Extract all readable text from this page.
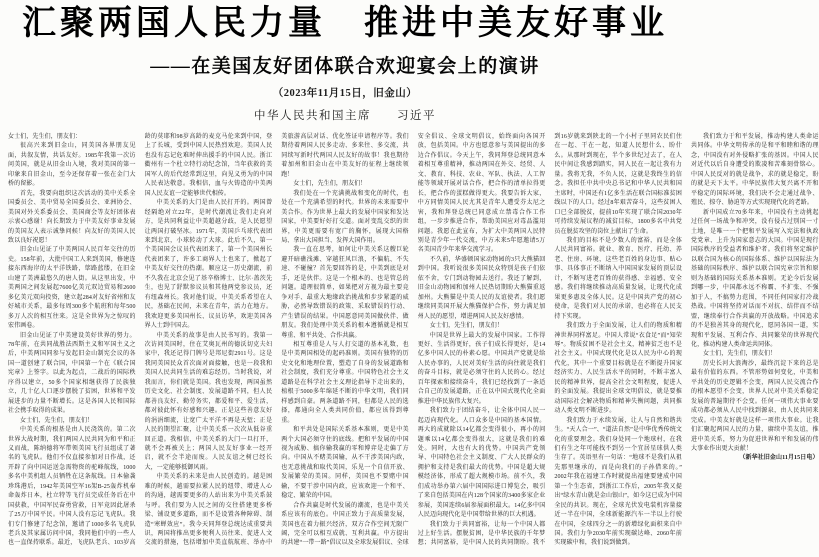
汇聚两国人民力量　推进中美友好事业
——在美国友好团体联合欢迎宴会上的演讲
（2023年11月15日，旧金山）
中华人民共和国主席　　习近平

女士们，先生们，朋友们：

很高兴来到旧金山，同美国各界朋友见面，共叙友情，共话友好。1985年我第一次访问美国，就是从旧金山入境，我对美国的第一印象来自旧金山，至今还保存着一张在金门大桥的留影。

首先，我要向组织这次活动的美中关系全国委员会、美中贸易全国委员会、亚洲协会、美国对外关系委员会、美国商会等友好团体表示衷心感谢！向长期致力于中美友好事业发展的美国友人表示诚挚问候！向友好的美国人民致以良好祝愿！

旧金山见证了中美两国人民百年交往的历史。158年前，大批中国工人来到美国，修建连接东西海岸的太平洋铁路，筚路蓝缕，在旧金山建了美洲最悠久的唐人街。从这里出发，中美两国之间发展起7600亿美元双边贸易和2600多亿美元双向投资，建立起284对友好省州和友好城市关系，最多每周300多个航班和每年500多万人次的相互往来。这是全世界为之惊叹的宏伟画卷。

旧金山见证了中美建设美好世界的努力。78年前，在共同战胜法西斯主义和军国主义之后，中美两国同参与发起旧金山制宪会议的各国一道创建了联合国，中国第一个在《联合国宪章》上签字。以此为起点，二战后的国际秩序得以建立，50多个国家相继获得了民族独立，几十亿人口逐步摆脱了贫困，世界和平发展进步的力量不断增长。这是各国人民和国际社会携手取得的成果。

女士们，先生们，朋友们！

中美关系的根基是由人民浇筑的。第二次世界大战时期，我们两国人民共同为和平和正义而战，陈纳德将军带领美国飞行员组成了著名的飞虎队。他们不仅直接参加对日作战，还开辟了向中国运送急需物资的驼峰航线，1000多名中美机组人员牺牲在这条航线。日本偷袭珍珠港后，1942年美国空军16架B-25轰炸机奉命轰炸日本，杜立特等飞行员完成任务后在中国获救，中国军民奋勇营救，日军竟因此屠杀了25万中国平民。中国人没有忘记飞虎队。我们专门修建了纪念馆，邀请了1000多名飞虎队老兵及其家属访问中国，我同他们中的一些人也一直保持联系。最近，飞虎队老兵、103岁高龄的莫耶和98岁高龄的麦克马伦来到中国，登上了长城，受到中国人民热烈欢迎。美国人民也没有忘记危难时伸出援手的中国人民。浙江衢州有一个杜立特行动纪念馆，当年获救的美国军人的后代经常到这里，向见义勇为的中国人民表达敬意。我相信，血与火铸造的中美两国人民友谊一定能够世代相传。

中美关系的大门是由人民打开的。两国曾经隔绝对立22年，是时代潮流让我们走向对方，是共同利益让中美超越分歧，是人民愿望让两国打破坚冰。1971年，美国乒乓球代表团来到北京，小球转动了大球。此后不久，第一个美国国会议员代表团来了，第一个美国州长代表团来了，许多工商界人士也来了，掀起了中美友好交往的热潮。顺应这一历史潮流，前不久我在北京会见了基辛格博士、比尔·盖茨先生，也见了舒默参议员和其他两党参议员，还有纽森州长。我对他们说，中美关系希望在人民，基础在民间，未来在青年，活力在地方。我欢迎更多美国州长、议员访华，欢迎美国各界人士到中国去。

中美关系的故事是由人民书写的。我第一次访问美国时，住在艾奥瓦州的德沃切克夫妇家中，我还记得门牌号是邦尼街2911号。这是我同美国民众首次面对面接触，也是一段我和美国人民共同生活的难忘经历。当时我说，对我而言，你们就是美国。我也发现，两国虽然历史文化、社会制度、发展道路不同，但人民都善良友好、勤劳务实，都爱和平、爱生活，都对彼此怀有好感和兴趣。正是这些善意友好的涓涓细流，让宽广太平洋不再是天堑；正是人民的期望汇聚，让中美关系一次次从低谷重回正道。我相信，中美关系的大门一旦打开，就不会再被关上；两国人民友好事业一经开启，就不会半途而废。人民友谊之树已经长大，一定能够抵御风雨。

中美关系的未来是由人民创造的。越是困难的时候，越需要拉紧人民的纽带、增进人心的沟通，越需要更多的人站出来为中美关系鼓与呼。我们要为人民之间的交往搭建更多桥梁、铺设更多道路，而不是设置各种障碍、制造“寒蝉效应”。我今天同拜登总统达成重要共识，两国将推出更多便利人员往来、促进人文交流的措施，包括增加中美直航航班、举办中美旅游高层对话、优化签证申请程序等。我们期待着两国人民多走动、多来往、多交流，共同续写新时代两国人民友好的故事！我也期待着加州和旧金山在中美友好的征程上继续领跑！

女士们，先生们，朋友们！

我们处在一个充满挑战和变化的时代，也处在一个充满希望的时代。世界的未来需要中美合作。作为世界上最大的发展中国家和发达国家，中美要好好打交道。面对变乱交织的世界，中美更需要有宽广的胸怀，展现大国格局、拿出大国担当、发挥大国作用。

我一直在思考，如何让中美关系这艘巨轮避开暗礁浅滩、穿越狂风巨浪，不偏航、不失速、不碰撞？首先要回答的是，中美到底是对手，还是伙伴。这是一个根本的、也是管总的问题。道理很简单，如果把对方视为最主要竞争对手、最重大地缘政治挑战和步步紧逼的威胁，必然导致错误的政策、采取错误的行动、产生错误的结果。中国愿意同美国做伙伴、做朋友。我们处理中美关系的根本遵循就是相互尊重、和平共处、合作共赢。

相互尊重是人与人打交道的基本礼数，也是中美两国相处的起码准则。美国有独特的历史文化和地理位置，塑造了自身的发展道路和社会制度，我们充分尊重。中国特色社会主义道路是在科学社会主义理论指导下走出来的，植根于5000多年绵延不断的中华文明，我们同样感到自豪。两条道路不同，但都是人民的选择，都通向全人类共同价值，都应该得到尊重。

和平共处是国际关系基本准则，更是中美两个大国必须守住的底线。把和平发展的中国视为威胁、搞你输我赢的零和博弈是走偏了方向。中国从不赌美国输，从不干涉美国内政，也无意挑战和取代美国，乐见一个自信开放、发展繁荣的美国。同样，美国也不要赌中国输，不要干涉中国内政，应该欢迎一个和平、稳定、繁荣的中国。

合作共赢是时代发展的潮流，也是中美关系应该有的底色。中国正致力于高质量发展，美国也在着力振兴经济，双方合作空间无限广阔，完全可以相互成就、互利共赢。中方提出的共建“一带一路”倡议以及全球发展倡议、全球安全倡议、全球文明倡议，始终面向各国开放，包括美国。中方也愿意参与美国提出的多边合作倡议。今天上午，我同拜登总统同意本着相互尊重精神，推动两国在外交、经贸、人文、教育、科技、农业、军队、执法、人工智能等领域开展对话合作，把合作的清单拉得更长，把合作的蛋糕做得更大。我要告诉大家，中方同情美国人民尤其是青年人遭受芬太尼之害，我和拜登总统已同意成立禁毒合作工作组，一步步推进合作，帮助美国应对毒品滥用问题。我愿在此宣布，为扩大中美两国人民特别是青少年一代交流，中方未来5年愿邀请5万名美国青少年来华交流学习。

不久前，华盛顿国家动物园的3只大熊猫回到中国。我听说很多美国民众特别是孩子们依依不舍，专门到动物园去送行。我还了解到，旧金山动物园和加州人民热切期盼大熊猫重返加州。大熊猫是中美人民的友谊使者。我们愿继续同美国开展大熊猫保护合作，努力满足加州人民的愿望，增进两国人民友好感情。

女士们，先生们，朋友们！

中国是世界上最大的发展中国家。工作得更好、生活得更好，孩子们成长得更好，是14亿多中国人民的朴素心愿。中国共产党就是给人民办事的，人民对美好生活的向往就是我们的奋斗目标，就是必须守住的人民的心。经过百年探索和接续奋斗，我们已经找到了一条适合自己的发展道路，正在以中国式现代化全面推进中华民族伟大复兴。

我们致力于团结奋斗，让全体中国人民一起迈向现代化。人口众多是中国的基本国情。再大的成就除以14亿都会变得很小，再小的问题乘以14亿都会变得很大，这就是我们的难处。同时，大也有大的优势。中国共产党领导、中国特色社会主义制度、广大人民群众的拥护和支持是我们最大的优势。中国是超大规模经济体，形成了超大规模市场。前不久，我们成功举办第六届中国国际进口博览会，吸引了来自包括美国在内128个国家的3400多家企业参展，美国连续6届参展面积最大。14亿多中国人民迈向现代化是中国带给世界的巨大机遇。

我们致力于共同富裕，让每一个中国人都过上好生活。摆脱贫困，是中华民族的千年梦想；共同富裕，是中国人民的共同期盼。我不到16岁就来到陕北的一个小村子里同农民们住在一起、干在一起，知道人民想什么、盼什么。从那时到现在，半个多世纪过去了，在人民中间让我感到踏实，同人民在一起让我有力量。我将无我，不负人民，这就是我终生的信念。我担任中共中央总书记和中华人民共和国主席时，中国还有1亿多生活在联合国标准贫困线以下的人口。经过8年艰苦奋斗，这些贫困人口已全部脱贫，提前10年实现了联合国2030年可持续发展议程的减贫目标，1800多名中共党员在脱贫攻坚的岗位上献出了生命。

我们的目标不是少数人的富裕，而是全体人民共同富裕。就业、教育、医疗、托幼、养老、住房、环境，这些老百姓的身边事、贴心事、具体事正不断纳入中国国家发展的顶层设计，不断写进老百姓的获得感、幸福感、安全感。我们将继续推动高质量发展，让现代化成果更多惠及全体人民。这是中国共产党的初心使命，是我们对人民的承诺，也必将在人民支持下实现。

我们致力于全面发展，让人们的物质和精神世界同样富足。中国人常说“衣食足”而“知荣辱”。物质贫困不是社会主义，精神贫乏也不是社会主义。中国式现代化是以人民为中心的现代化，其中一个重要目标就是在不断提升国家经济实力、人民生活水平的同时，不断丰富人民的精神世界，提高全社会文明程度，促进人的全面发展。我提出全球文明倡议，就是要推动国际社会解决物质和精神失衡问题，共同推动人类文明不断进步。

我们致力于永续发展，让人与自然和谐共生。“天人合一”、“道法自然”是中华优秀传统文化的重要理念。我们身处同一个地球村，在我们有生之年可能找不到另一个宜居星球供人类生存了。英语里有一句话：“地球不是我们从祖先那里继承的，而是向我们的子孙借来的。”2002年我在福建工作时就提出福建要建成中国第一个生态省，到浙江工作后，2005年我又提出“绿水青山就是金山银山”，如今这已成为中国全民的共识。现在，全球光伏发电装机容量接近一半在中国，全球新能源汽车一半以上行驶在中国，全球四分之一的新增绿化面积来自中国。我们力争2030年前实现碳达峰、2060年前实现碳中和，我们说到做到。

我们致力于和平发展，推动构建人类命运共同体。中华文明传承的是和平和睦和谐的理念，中国没有对外侵略扩张的基因。中国人民对近代以后自身遭受的欺凌和苦难刻骨铭心。中国人民反对的就是战争，求的就是稳定，盼的就是天下太平。中华民族伟大复兴离不开和平稳定的国际环境，我们决不会走通过战争、殖民、掠夺、胁迫等方式实现现代化的老路。

新中国成立70多年来，中国没有主动挑起过任何一场战争和冲突，没有侵占过别国一寸土地，是唯一一个把和平发展写入宪法和执政党党章、上升为国家意志的大国。中国是现行国际秩序的受益者和维护者。我们将坚定维护以联合国为核心的国际体系、维护以国际法为基础的国际秩序、维护以联合国宪章宗旨和原则为基础的国际关系基本准则。无论今后发展到哪一步，中国都永远不称霸、不扩张、不强加于人，不搞势力范围，不同任何国家打冷战热战。中国将坚持对话而不对抗、结伴而不结盟，继续奉行合作共赢的开放战略。中国追求的不是独善其身的现代化，愿同各国一道，实现和平发展、互利合作、共同繁荣的世界现代化，推动构建人类命运共同体。

女士们，先生们，朋友们！

历史长河大浪淘沙，最终沉淀下来的总是最有价值的东西。不管形势如何变化，中美和平共处的历史逻辑不会变，两国人民交流合作的根本愿望不会变，世界人民对中美关系稳定发展的普遍期待不会变。任何一项伟大事业要成功都必须从人民中找到源泉，由人民共同来完成。中美友好就是这样一项伟大事业。让我们汇聚起两国人民的力量，赓续中美友谊，推进中美关系，努力为促进世界和平和发展的伟大事业作出更大贡献！

（新华社旧金山11月15日电）
